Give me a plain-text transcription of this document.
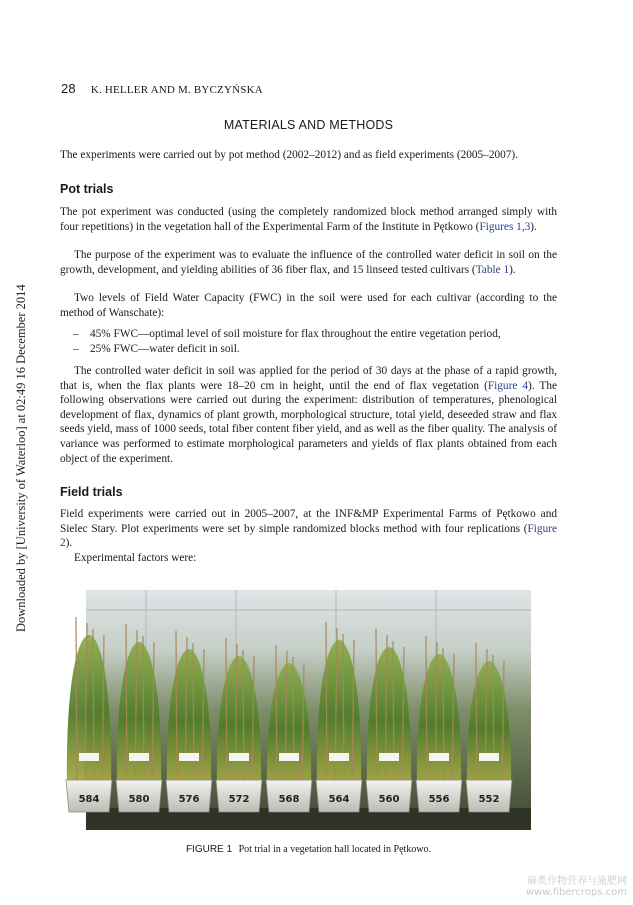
Downloaded by [University of Waterloo] at 02:49 16 December 2014
28 K. HELLER AND M. BYCZYŃSKA
MATERIALS AND METHODS

The experiments were carried out by pot method (2002–2012) and as field experiments (2005–2007).

Pot trials

The pot experiment was conducted (using the completely randomized block method arranged simply with four repetitions) in the vegetation hall of the Experimental Farm of the Institute in Pętkowo (Figures 1,3).

The purpose of the experiment was to evaluate the influence of the controlled water deficit in soil on the growth, development, and yielding abilities of 36 fiber flax, and 15 linseed tested cultivars (Table 1).

Two levels of Field Water Capacity (FWC) in the soil were used for each cultivar (according to the method of Wanschate):

– 45% FWC—optimal level of soil moisture for flax throughout the entire vegetation period,
– 25% FWC—water deficit in soil.

The controlled water deficit in soil was applied for the period of 30 days at the phase of a rapid growth, that is, when the flax plants were 18–20 cm in height, until the end of flax vegetation (Figure 4). The following observations were carried out during the experiment: distribution of temperatures, phenological development of flax, dynamics of plant growth, morphological structure, total yield, deseeded straw and flax seeds yield, mass of 1000 seeds, total fiber content fiber yield, and as well as the fiber quality. The analysis of variance was performed to estimate morphological parameters and yields of flax plants obtained from each object of the experiment.

Field trials

Field experiments were carried out in 2005–2007, at the INF&MP Experimental Farms of Pętkowo and Sielec Stary. Plot experiments were set by simple randomized blocks method with four replications (Figure 2).

Experimental factors were:

584	580	576	572	568	564	560	556	552
FIGURE 1 Pot trial in a vegetation hall located in Pętkowo.
麻类作物营养与施肥网
www.fibercrops.com
